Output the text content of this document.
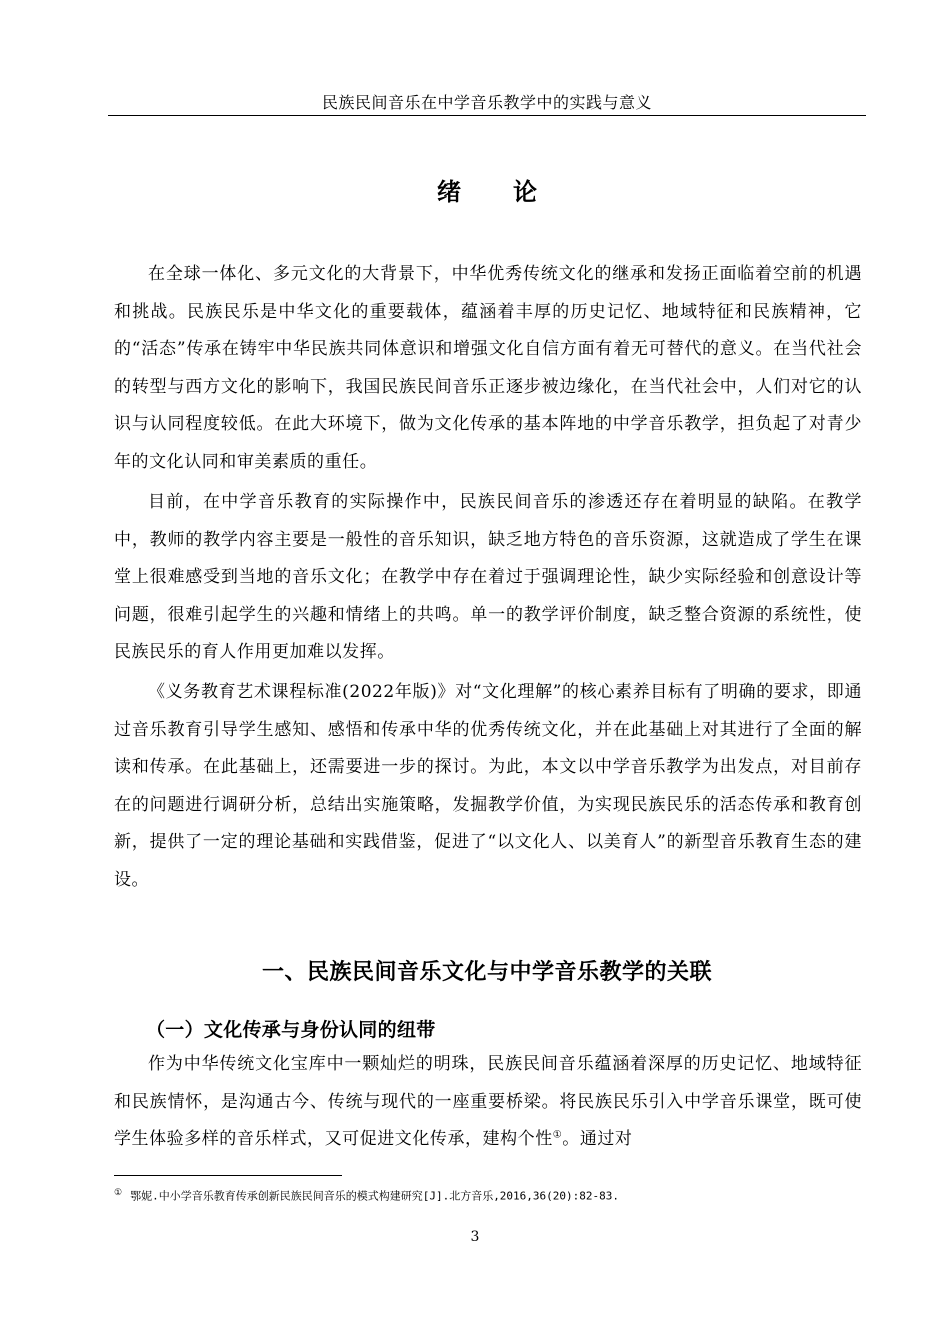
民族民间音乐在中学音乐教学中的实践与意义
绪 论

在全球一体化、多元文化的大背景下，中华优秀传统文化的继承和发扬正面临着空前的机遇和挑战。民族民乐是中华文化的重要载体，蕴涵着丰厚的历史记忆、地域特征和民族精神，它的“活态”传承在铸牢中华民族共同体意识和增强文化自信方面有着无可替代的意义。在当代社会的转型与西方文化的影响下，我国民族民间音乐正逐步被边缘化，在当代社会中，人们对它的认识与认同程度较低。在此大环境下，做为文化传承的基本阵地的中学音乐教学，担负起了对青少年的文化认同和审美素质的重任。

目前，在中学音乐教育的实际操作中，民族民间音乐的渗透还存在着明显的缺陷。在教学中，教师的教学内容主要是一般性的音乐知识，缺乏地方特色的音乐资源，这就造成了学生在课堂上很难感受到当地的音乐文化；在教学中存在着过于强调理论性，缺少实际经验和创意设计等问题，很难引起学生的兴趣和情绪上的共鸣。单一的教学评价制度，缺乏整合资源的系统性，使民族民乐的育人作用更加难以发挥。

《义务教育艺术课程标准(2022年版)》对“文化理解”的核心素养目标有了明确的要求，即通过音乐教育引导学生感知、感悟和传承中华的优秀传统文化，并在此基础上对其进行了全面的解读和传承。在此基础上，还需要进一步的探讨。为此，本文以中学音乐教学为出发点，对目前存在的问题进行调研分析，总结出实施策略，发掘教学价值，为实现民族民乐的活态传承和教育创新，提供了一定的理论基础和实践借鉴，促进了“以文化人、以美育人”的新型音乐教育生态的建设。

一、民族民间音乐文化与中学音乐教学的关联
（一）文化传承与身份认同的纽带

作为中华传统文化宝库中一颗灿烂的明珠，民族民间音乐蕴涵着深厚的历史记忆、地域特征和民族情怀，是沟通古今、传统与现代的一座重要桥梁。将民族民乐引入中学音乐课堂，既可使学生体验多样的音乐样式，又可促进文化传承，建构个性①。通过对

① 鄂妮.中小学音乐教育传承创新民族民间音乐的模式构建研究[J].北方音乐,2016,36(20):82-83.
3
